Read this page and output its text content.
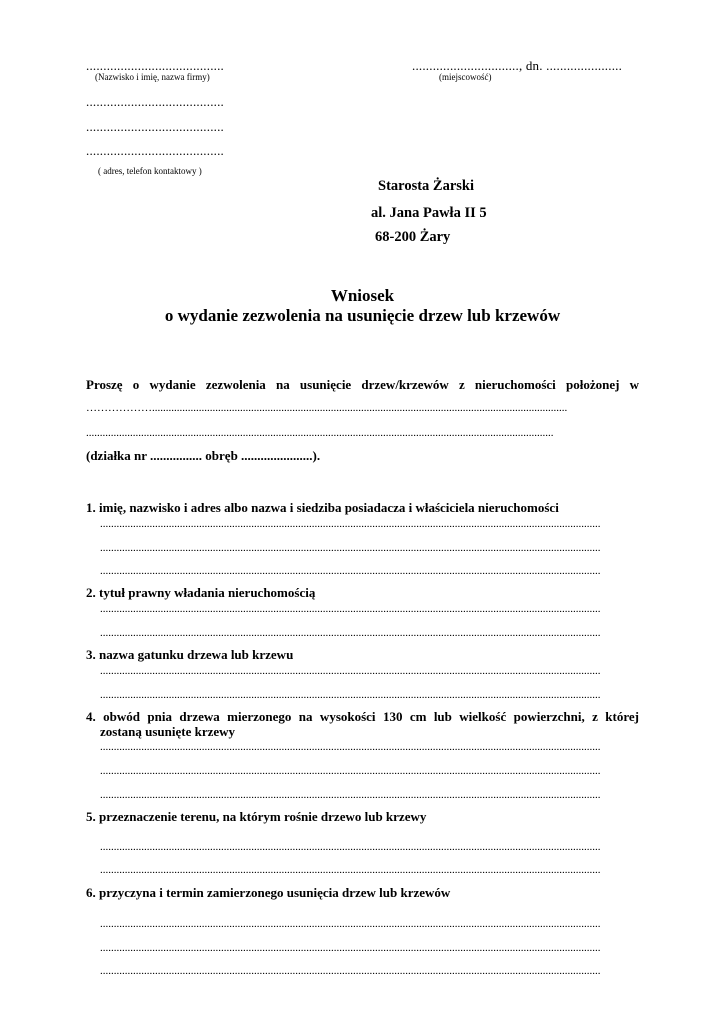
........................................
(Nazwisko i imię, nazwa firmy)
..............................., dn. ......................
(miejscowość)
........................................
........................................
........................................
( adres, telefon kontaktowy )
Starosta Żarski
al. Jana Pawła II 5
68-200 Żary
Wniosek
o wydanie zezwolenia na usunięcie drzew lub krzewów
Proszę o wydanie zezwolenia na usunięcie drzew/krzewów z nieruchomości położonej w
……………….......................................................................................................................................................
..........................................................................................................................................................................
(działka nr ................ obręb ......................).
1. imię, nazwisko i adres albo nazwa i siedziba posiadacza i właściciela nieruchomości
......................................................................................................................................................................................
......................................................................................................................................................................................
......................................................................................................................................................................................
2. tytuł prawny władania nieruchomością
......................................................................................................................................................................................
......................................................................................................................................................................................
3. nazwa gatunku drzewa lub krzewu
......................................................................................................................................................................................
......................................................................................................................................................................................
4. obwód pnia drzewa mierzonego na wysokości 130 cm lub wielkość powierzchni, z której
zostaną usunięte krzewy
......................................................................................................................................................................................
......................................................................................................................................................................................
......................................................................................................................................................................................
5. przeznaczenie terenu, na którym rośnie drzewo lub krzewy
......................................................................................................................................................................................
......................................................................................................................................................................................
6. przyczyna i termin zamierzonego usunięcia drzew lub krzewów
......................................................................................................................................................................................
......................................................................................................................................................................................
......................................................................................................................................................................................
